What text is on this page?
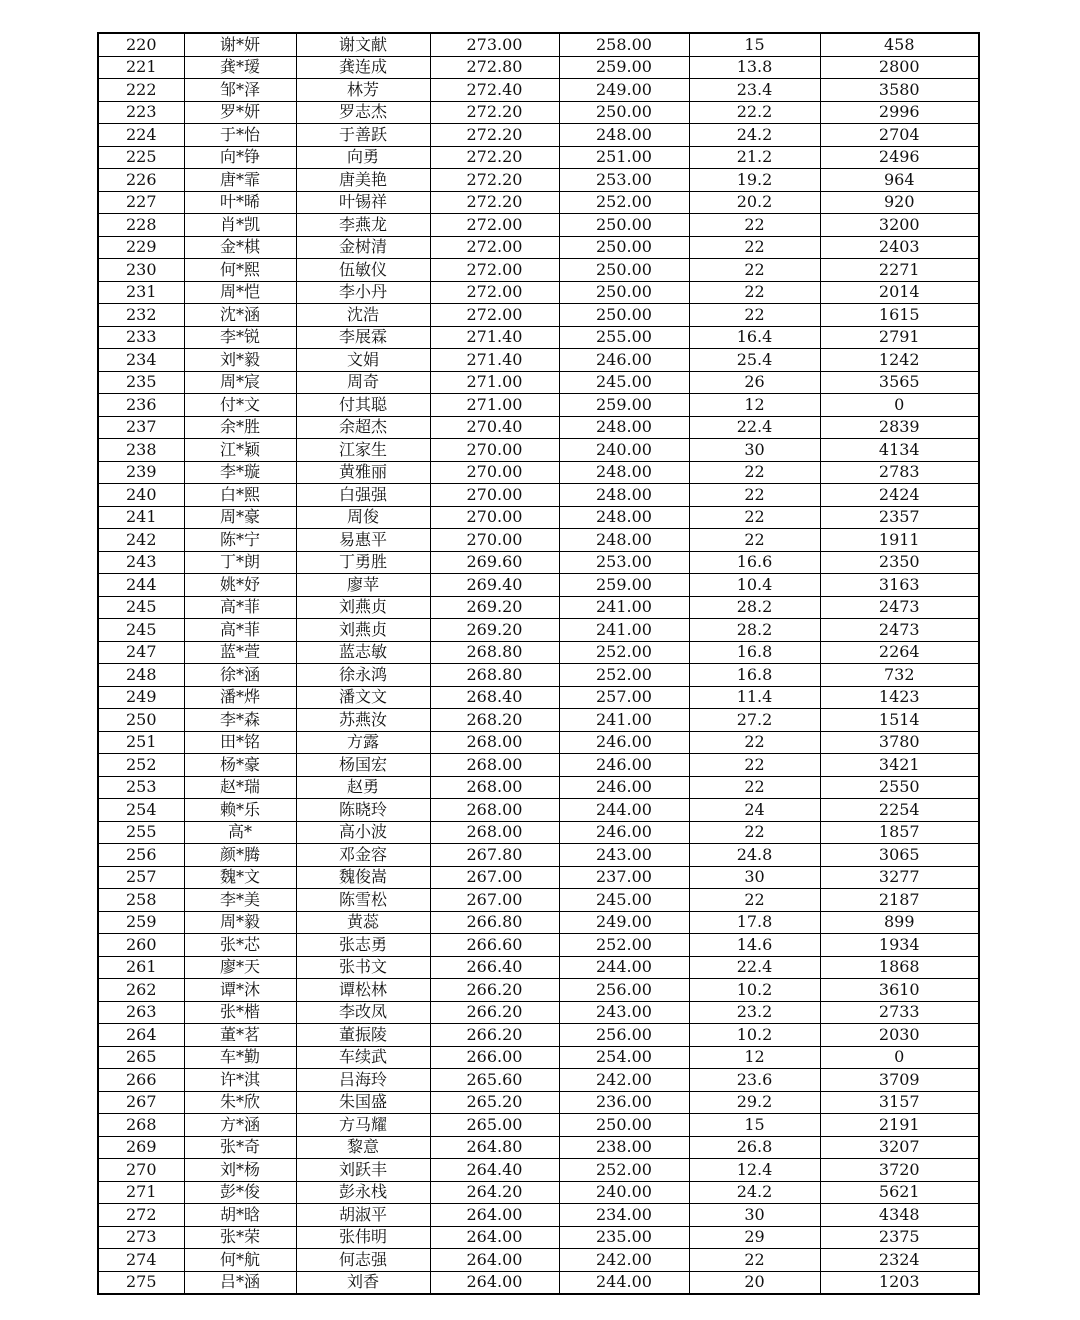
220	谢*妍	谢文献	273.00	258.00	15	458
221	龚*瑷	龚连成	272.80	259.00	13.8	2800
222	邹*泽	林芳	272.40	249.00	23.4	3580
223	罗*妍	罗志杰	272.20	250.00	22.2	2996
224	于*怡	于善跃	272.20	248.00	24.2	2704
225	向*铮	向勇	272.20	251.00	21.2	2496
226	唐*霏	唐美艳	272.20	253.00	19.2	964
227	叶*晞	叶锡祥	272.20	252.00	20.2	920
228	肖*凯	李燕龙	272.00	250.00	22	3200
229	金*棋	金树清	272.00	250.00	22	2403
230	何*熙	伍敏仪	272.00	250.00	22	2271
231	周*恺	李小丹	272.00	250.00	22	2014
232	沈*涵	沈浩	272.00	250.00	22	1615
233	李*锐	李展霖	271.40	255.00	16.4	2791
234	刘*毅	文娟	271.40	246.00	25.4	1242
235	周*宸	周奇	271.00	245.00	26	3565
236	付*文	付其聪	271.00	259.00	12	0
237	余*胜	余超杰	270.40	248.00	22.4	2839
238	江*颖	江家生	270.00	240.00	30	4134
239	李*璇	黄雅丽	270.00	248.00	22	2783
240	白*熙	白强强	270.00	248.00	22	2424
241	周*豪	周俊	270.00	248.00	22	2357
242	陈*宁	易惠平	270.00	248.00	22	1911
243	丁*朗	丁勇胜	269.60	253.00	16.6	2350
244	姚*妤	廖苹	269.40	259.00	10.4	3163
245	高*菲	刘燕贞	269.20	241.00	28.2	2473
245	高*菲	刘燕贞	269.20	241.00	28.2	2473
247	蓝*萱	蓝志敏	268.80	252.00	16.8	2264
248	徐*涵	徐永鸿	268.80	252.00	16.8	732
249	潘*烨	潘文文	268.40	257.00	11.4	1423
250	李*森	苏燕汝	268.20	241.00	27.2	1514
251	田*铭	方露	268.00	246.00	22	3780
252	杨*豪	杨国宏	268.00	246.00	22	3421
253	赵*瑞	赵勇	268.00	246.00	22	2550
254	赖*乐	陈晓玲	268.00	244.00	24	2254
255	高*	高小波	268.00	246.00	22	1857
256	颜*腾	邓金容	267.80	243.00	24.8	3065
257	魏*文	魏俊嵩	267.00	237.00	30	3277
258	李*美	陈雪松	267.00	245.00	22	2187
259	周*毅	黄蕊	266.80	249.00	17.8	899
260	张*芯	张志勇	266.60	252.00	14.6	1934
261	廖*天	张书文	266.40	244.00	22.4	1868
262	谭*沐	谭松林	266.20	256.00	10.2	3610
263	张*楷	李改凤	266.20	243.00	23.2	2733
264	董*茗	董振陵	266.20	256.00	10.2	2030
265	车*勤	车续武	266.00	254.00	12	0
266	许*淇	吕海玲	265.60	242.00	23.6	3709
267	朱*欣	朱国盛	265.20	236.00	29.2	3157
268	方*涵	方马耀	265.00	250.00	15	2191
269	张*奇	黎意	264.80	238.00	26.8	3207
270	刘*杨	刘跃丰	264.40	252.00	12.4	3720
271	彭*俊	彭永栈	264.20	240.00	24.2	5621
272	胡*晗	胡淑平	264.00	234.00	30	4348
273	张*荣	张伟明	264.00	235.00	29	2375
274	何*航	何志强	264.00	242.00	22	2324
275	吕*涵	刘香	264.00	244.00	20	1203
